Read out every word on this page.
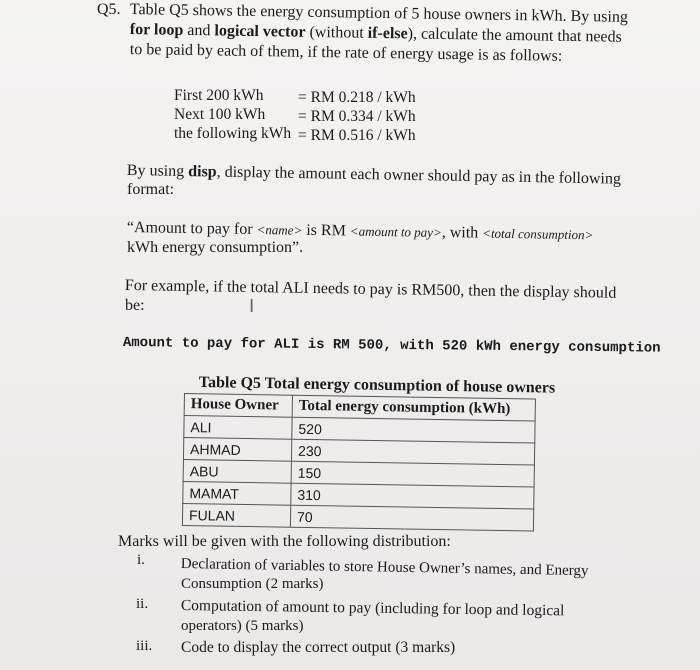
Q5. Table Q5 shows the energy consumption of 5 house owners in kWh. By using
for loop and logical vector (without if-else), calculate the amount that needs
to be paid by each of them, if the rate of energy usage is as follows:
First 200 kWh = RM 0.218 / kWh
Next 100 kWh = RM 0.334 / kWh
the following kWh = RM 0.516 / kWh
By using disp, display the amount each owner should pay as in the following
format:
“Amount to pay for <name> is RM <amount to pay>, with <total consumption>
kWh energy consumption”.
For example, if the total ALI needs to pay is RM500, then the display should
be:	I
Amount to pay for ALI is RM 500, with 520 kWh energy consumption
Table Q5 Total energy consumption of house owners
House Owner	Total energy consumption (kWh)
ALI	520
AHMAD	230
ABU	150
MAMAT	310
FULAN	70
Marks will be given with the following distribution:
i. Declaration of variables to store House Owner’s names, and Energy
Consumption (2 marks)
ii. Computation of amount to pay (including for loop and logical
operators) (5 marks)
iii. Code to display the correct output (3 marks)
